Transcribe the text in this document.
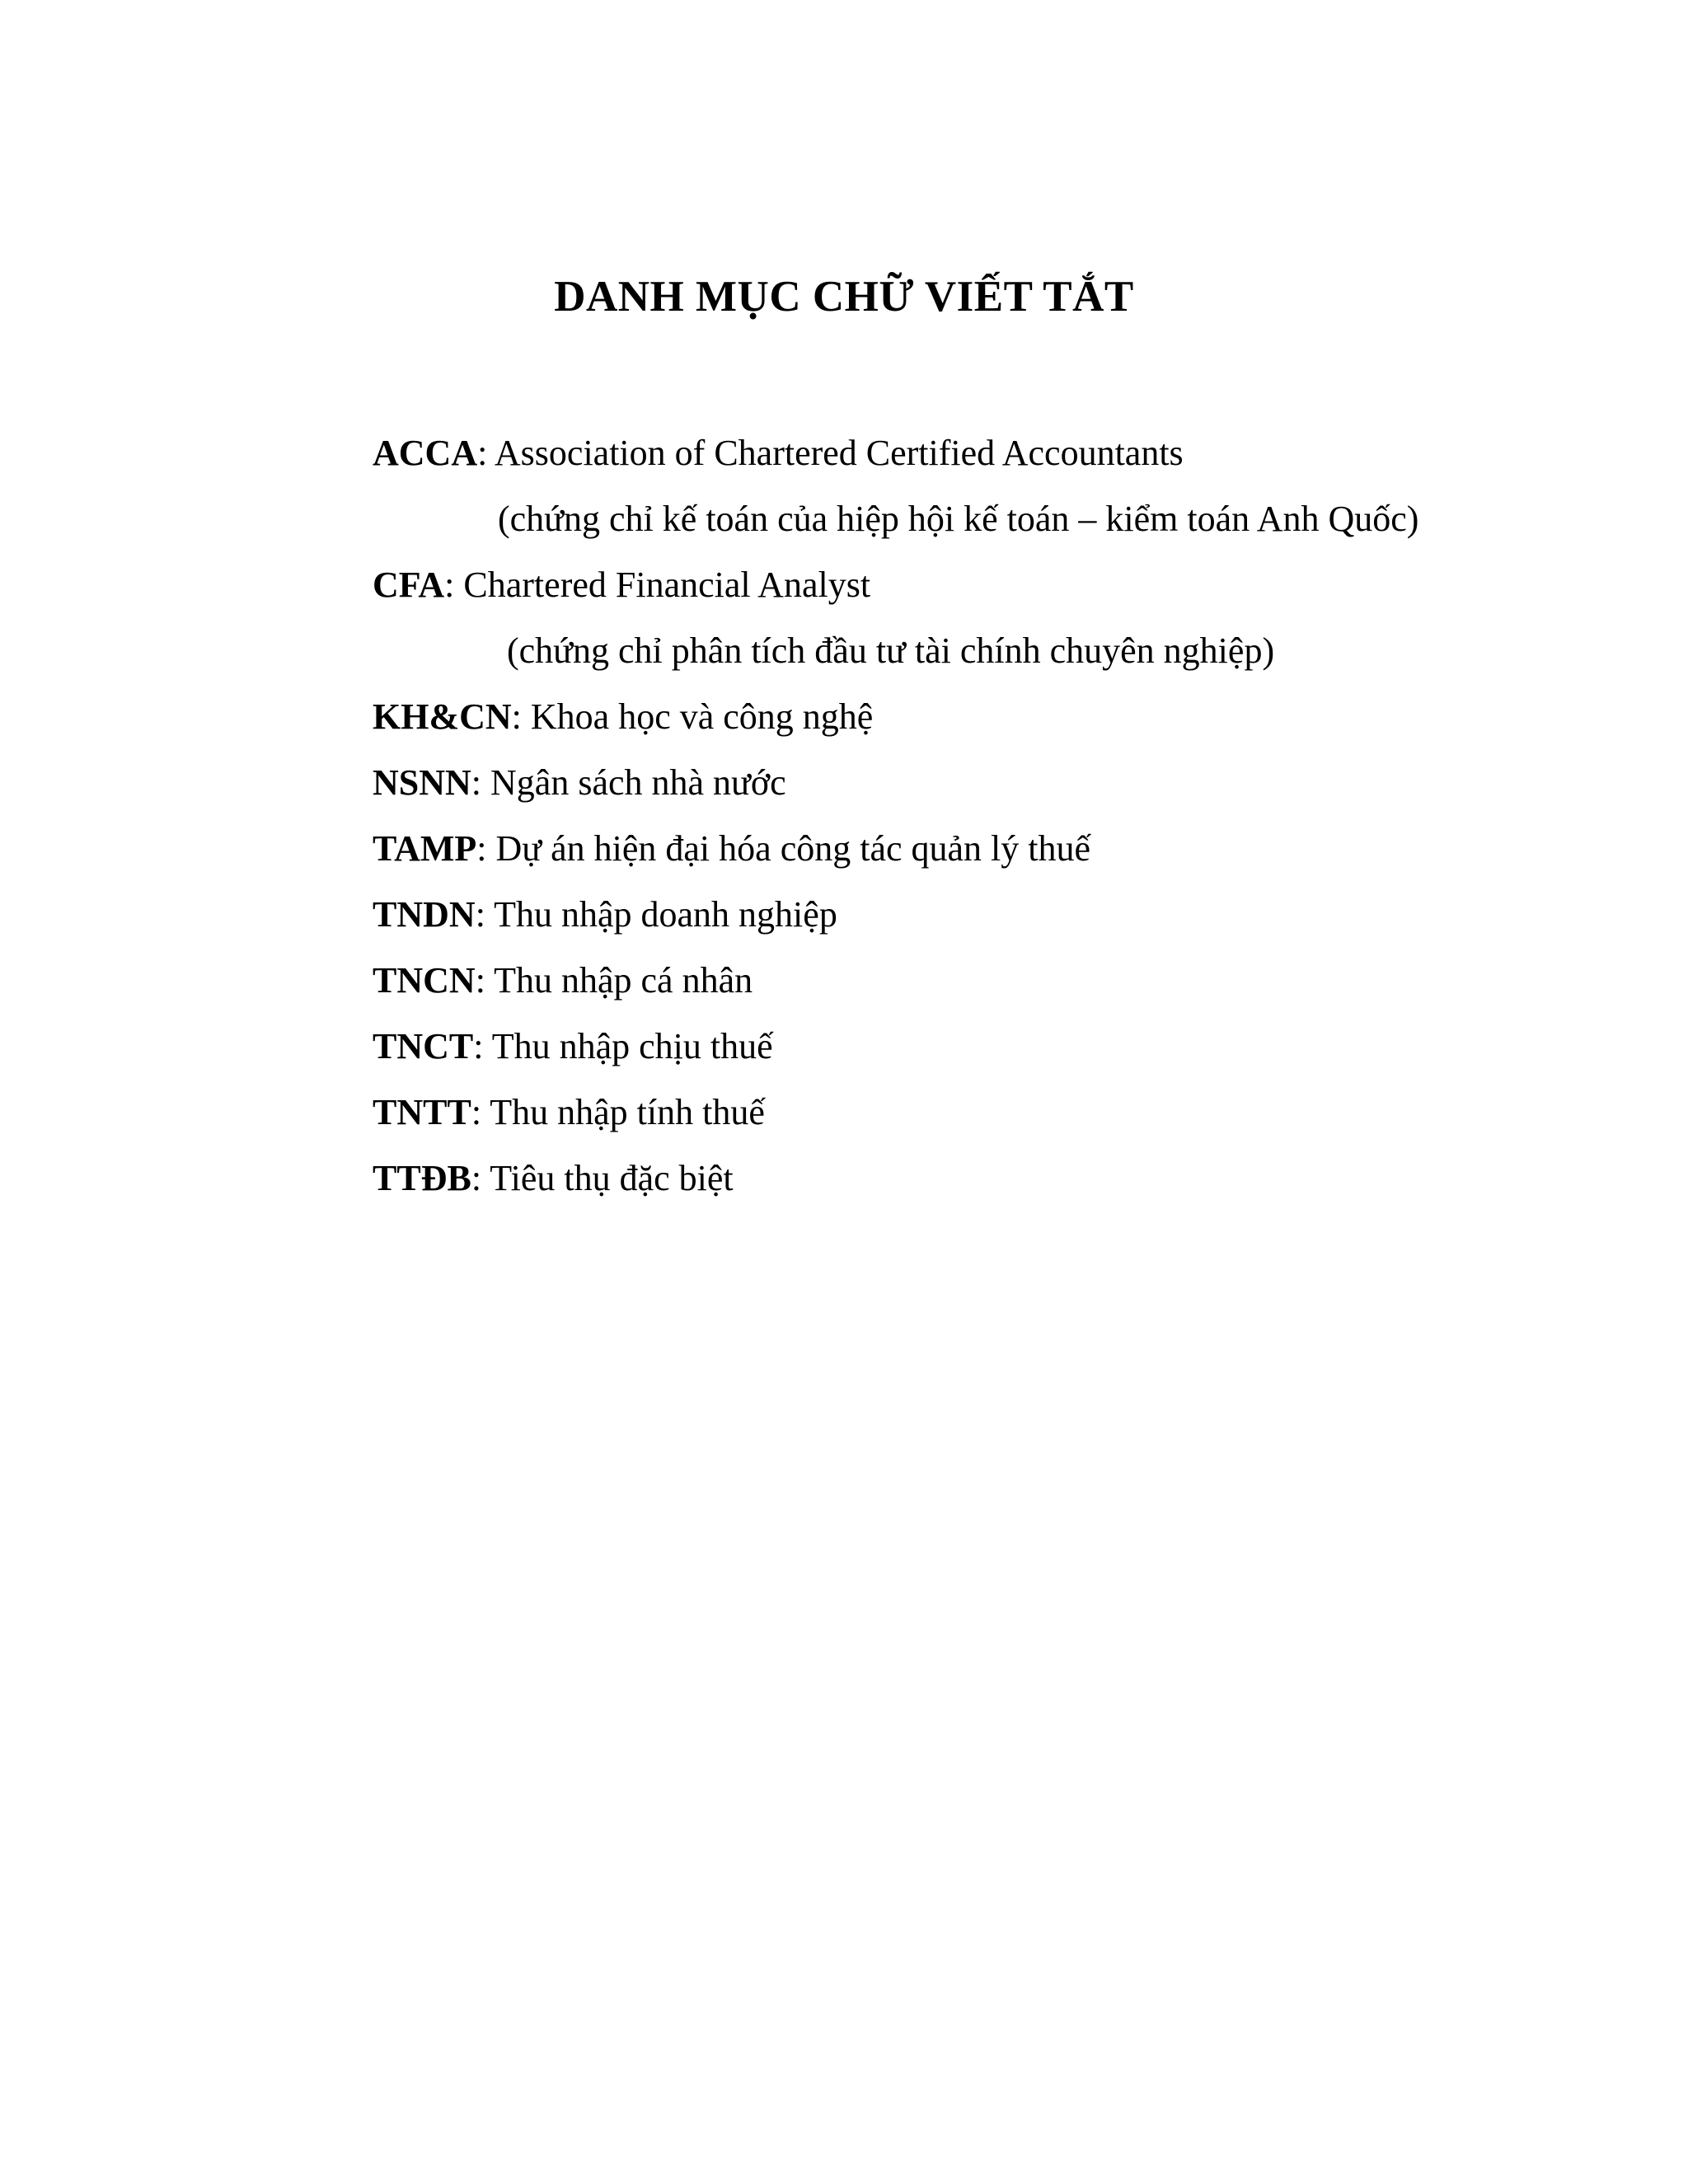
DANH MỤC CHỮ VIẾT TẮT
ACCA: Association of Chartered Certified Accountants
(chứng chỉ kế toán của hiệp hội kế toán – kiểm toán Anh Quốc)
CFA: Chartered Financial Analyst
(chứng chỉ phân tích đầu tư tài chính chuyên nghiệp)
KH&CN: Khoa học và công nghệ
NSNN: Ngân sách nhà nước
TAMP: Dự án hiện đại hóa công tác quản lý thuế
TNDN: Thu nhập doanh nghiệp
TNCN: Thu nhập cá nhân
TNCT: Thu nhập chịu thuế
TNTT: Thu nhập tính thuế
TTĐB: Tiêu thụ đặc biệt
